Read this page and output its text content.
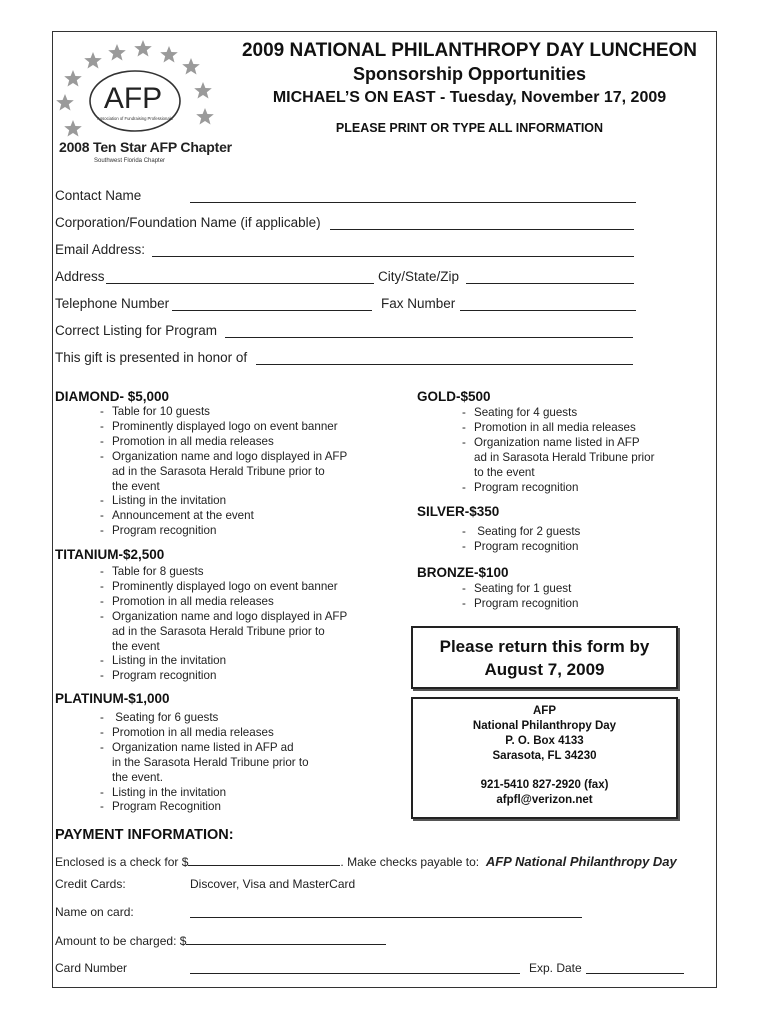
AFP
Association of Fundraising Professionals
2008 Ten Star AFP Chapter
Southwest Florida Chapter
2009 NATIONAL PHILANTHROPY DAY LUNCHEON
Sponsorship Opportunities
MICHAEL’S ON EAST - Tuesday, November 17, 2009
PLEASE PRINT OR TYPE ALL INFORMATION
Contact Name
Corporation/Foundation Name (if applicable)
Email Address:
Address	City/State/Zip
Telephone Number	Fax Number
Correct Listing for Program
This gift is presented in honor of
DIAMOND- $5,000
- Table for 10 guests
- Prominently displayed logo on event banner
- Promotion in all media releases
- Organization name and logo displayed in AFP
ad in the Sarasota Herald Tribune prior to
the event
- Listing in the invitation
- Announcement at the event
- Program recognition
TITANIUM-$2,500
- Table for 8 guests
- Prominently displayed logo on event banner
- Promotion in all media releases
- Organization name and logo displayed in AFP
ad in the Sarasota Herald Tribune prior to
the event
- Listing in the invitation
- Program recognition
PLATINUM-$1,000
-  Seating for 6 guests
- Promotion in all media releases
- Organization name listed in AFP ad
in the Sarasota Herald Tribune prior to
the event.
- Listing in the invitation
- Program Recognition
GOLD-$500
- Seating for 4 guests
- Promotion in all media releases
- Organization name listed in AFP
ad in Sarasota Herald Tribune prior
to the event
- Program recognition
SILVER-$350
-  Seating for 2 guests
- Program recognition
BRONZE-$100
- Seating for 1 guest
- Program recognition
Please return this form by
August 7, 2009
AFP
National Philanthropy Day
P. O. Box 4133
Sarasota, FL 34230
921-5410 827-2920 (fax)
afpfl@verizon.net
PAYMENT INFORMATION:
Enclosed is a check for $	. Make checks payable to: AFP National Philanthropy Day
Credit Cards:	Discover, Visa and MasterCard
Name on card:
Amount to be charged: $
Card Number	Exp. Date
